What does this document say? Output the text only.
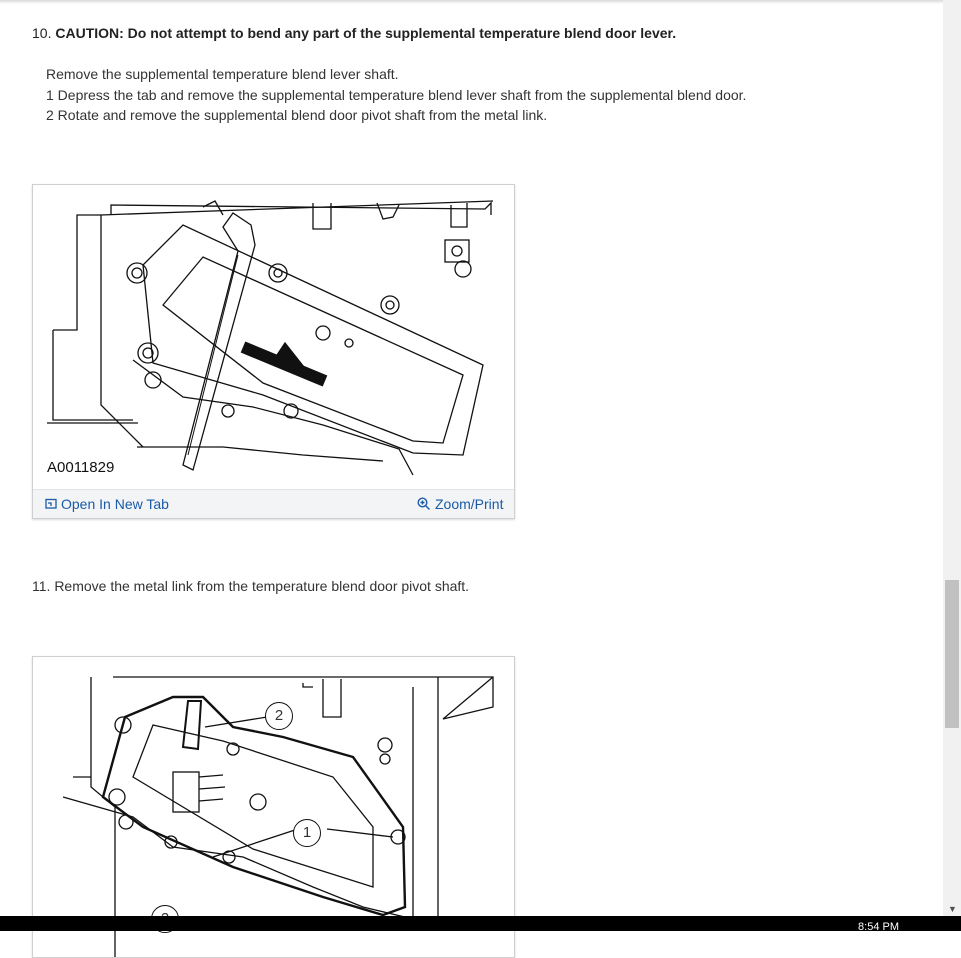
10. CAUTION: Do not attempt to bend any part of the supplemental temperature blend door lever.
Remove the supplemental temperature blend lever shaft.
1 Depress the tab and remove the supplemental temperature blend lever shaft from the supplemental blend door.
2 Rotate and remove the supplemental blend door pivot shaft from the metal link.
A0011829
Open In New Tab	Zoom/Print
11. Remove the metal link from the temperature blend door pivot shaft.
2
1
▼
8:54 PM
